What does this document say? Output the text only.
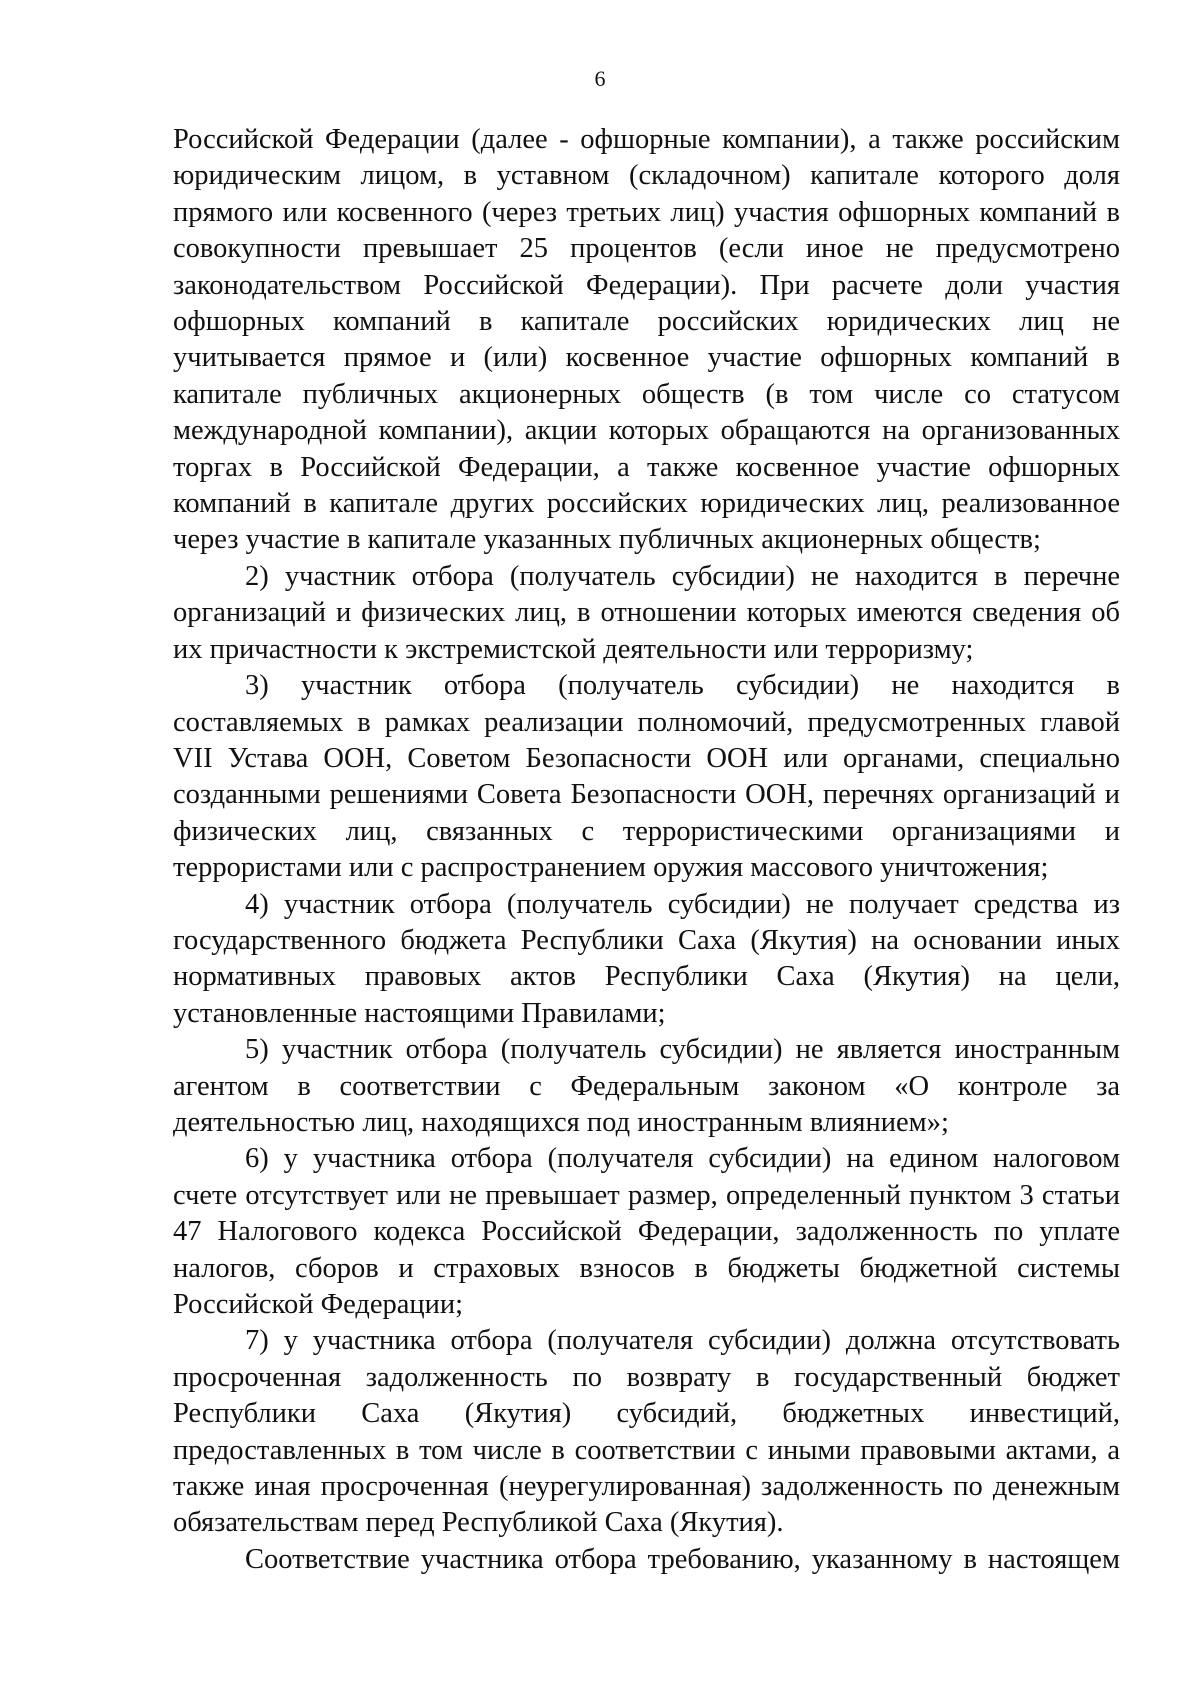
6

Российской Федерации (далее - офшорные компании), а также российским юридическим лицом, в уставном (складочном) капитале которого доля прямого или косвенного (через третьих лиц) участия офшорных компаний в совокупности превышает 25 процентов (если иное не предусмотрено законодательством Российской Федерации). При расчете доли участия офшорных компаний в капитале российских юридических лиц не учитывается прямое и (или) косвенное участие офшорных компаний в капитале публичных акционерных обществ (в том числе со статусом международной компании), акции которых обращаются на организованных торгах в Российской Федерации, а также косвенное участие офшорных компаний в капитале других российских юридических лиц, реализованное через участие в капитале указанных публичных акционерных обществ;

2) участник отбора (получатель субсидии) не находится в перечне организаций и физических лиц, в отношении которых имеются сведения об их причастности к экстремистской деятельности или терроризму;

3) участник отбора (получатель субсидии) не находится в составляемых в рамках реализации полномочий, предусмотренных главой VII Устава ООН, Советом Безопасности ООН или органами, специально созданными решениями Совета Безопасности ООН, перечнях организаций и физических лиц, связанных с террористическими организациями и террористами или с распространением оружия массового уничтожения;

4) участник отбора (получатель субсидии) не получает средства из государственного бюджета Республики Саха (Якутия) на основании иных нормативных правовых актов Республики Саха (Якутия) на цели, установленные настоящими Правилами;

5) участник отбора (получатель субсидии) не является иностранным агентом в соответствии с Федеральным законом «О контроле за деятельностью лиц, находящихся под иностранным влиянием»;

6) у участника отбора (получателя субсидии) на едином налоговом счете отсутствует или не превышает размер, определенный пунктом 3 статьи 47 Налогового кодекса Российской Федерации, задолженность по уплате налогов, сборов и страховых взносов в бюджеты бюджетной системы Российской Федерации;

7) у участника отбора (получателя субсидии) должна отсутствовать просроченная задолженность по возврату в государственный бюджет Республики Саха (Якутия) субсидий, бюджетных инвестиций, предоставленных в том числе в соответствии с иными правовыми актами, а также иная просроченная (неурегулированная) задолженность по денежным обязательствам перед Республикой Саха (Якутия).

Соответствие участника отбора требованию, указанному в настоящем
